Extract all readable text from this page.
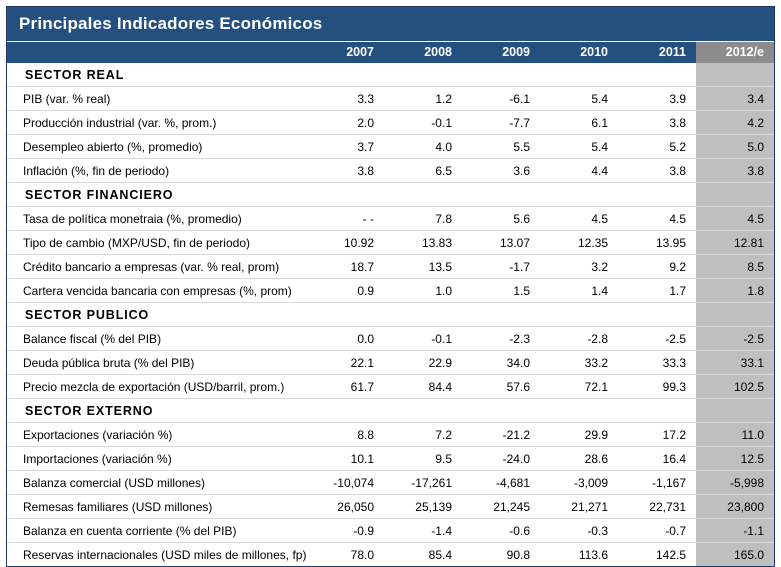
Principales Indicadores Económicos
	2007	2008	2009	2010	2011	2012/e
SECTOR REAL						
PIB (var. % real)	3.3	1.2	-6.1	5.4	3.9	3.4
Producción industrial (var. %, prom.)	2.0	-0.1	-7.7	6.1	3.8	4.2
Desempleo abierto (%, promedio)	3.7	4.0	5.5	5.4	5.2	5.0
Inflación (%, fin de periodo)	3.8	6.5	3.6	4.4	3.8	3.8
SECTOR FINANCIERO						
Tasa de política monetraia (%, promedio)	- -	7.8	5.6	4.5	4.5	4.5
Tipo de cambio (MXP/USD, fin de periodo)	10.92	13.83	13.07	12.35	13.95	12.81
Crédito bancario a empresas (var. % real, prom)	18.7	13.5	-1.7	3.2	9.2	8.5
Cartera vencida bancaria con empresas (%, prom)	0.9	1.0	1.5	1.4	1.7	1.8
SECTOR PUBLICO						
Balance fiscal (% del PIB)	0.0	-0.1	-2.3	-2.8	-2.5	-2.5
Deuda pública bruta (% del PIB)	22.1	22.9	34.0	33.2	33.3	33.1
Precio mezcla de exportación (USD/barril, prom.)	61.7	84.4	57.6	72.1	99.3	102.5
SECTOR EXTERNO						
Exportaciones (variación %)	8.8	7.2	-21.2	29.9	17.2	11.0
Importaciones (variación %)	10.1	9.5	-24.0	28.6	16.4	12.5
Balanza comercial (USD millones)	-10,074	-17,261	-4,681	-3,009	-1,167	-5,998
Remesas familiares (USD millones)	26,050	25,139	21,245	21,271	22,731	23,800
Balanza en cuenta corriente (% del PIB)	-0.9	-1.4	-0.6	-0.3	-0.7	-1.1
Reservas internacionales (USD miles de millones, fp)	78.0	85.4	90.8	113.6	142.5	165.0
